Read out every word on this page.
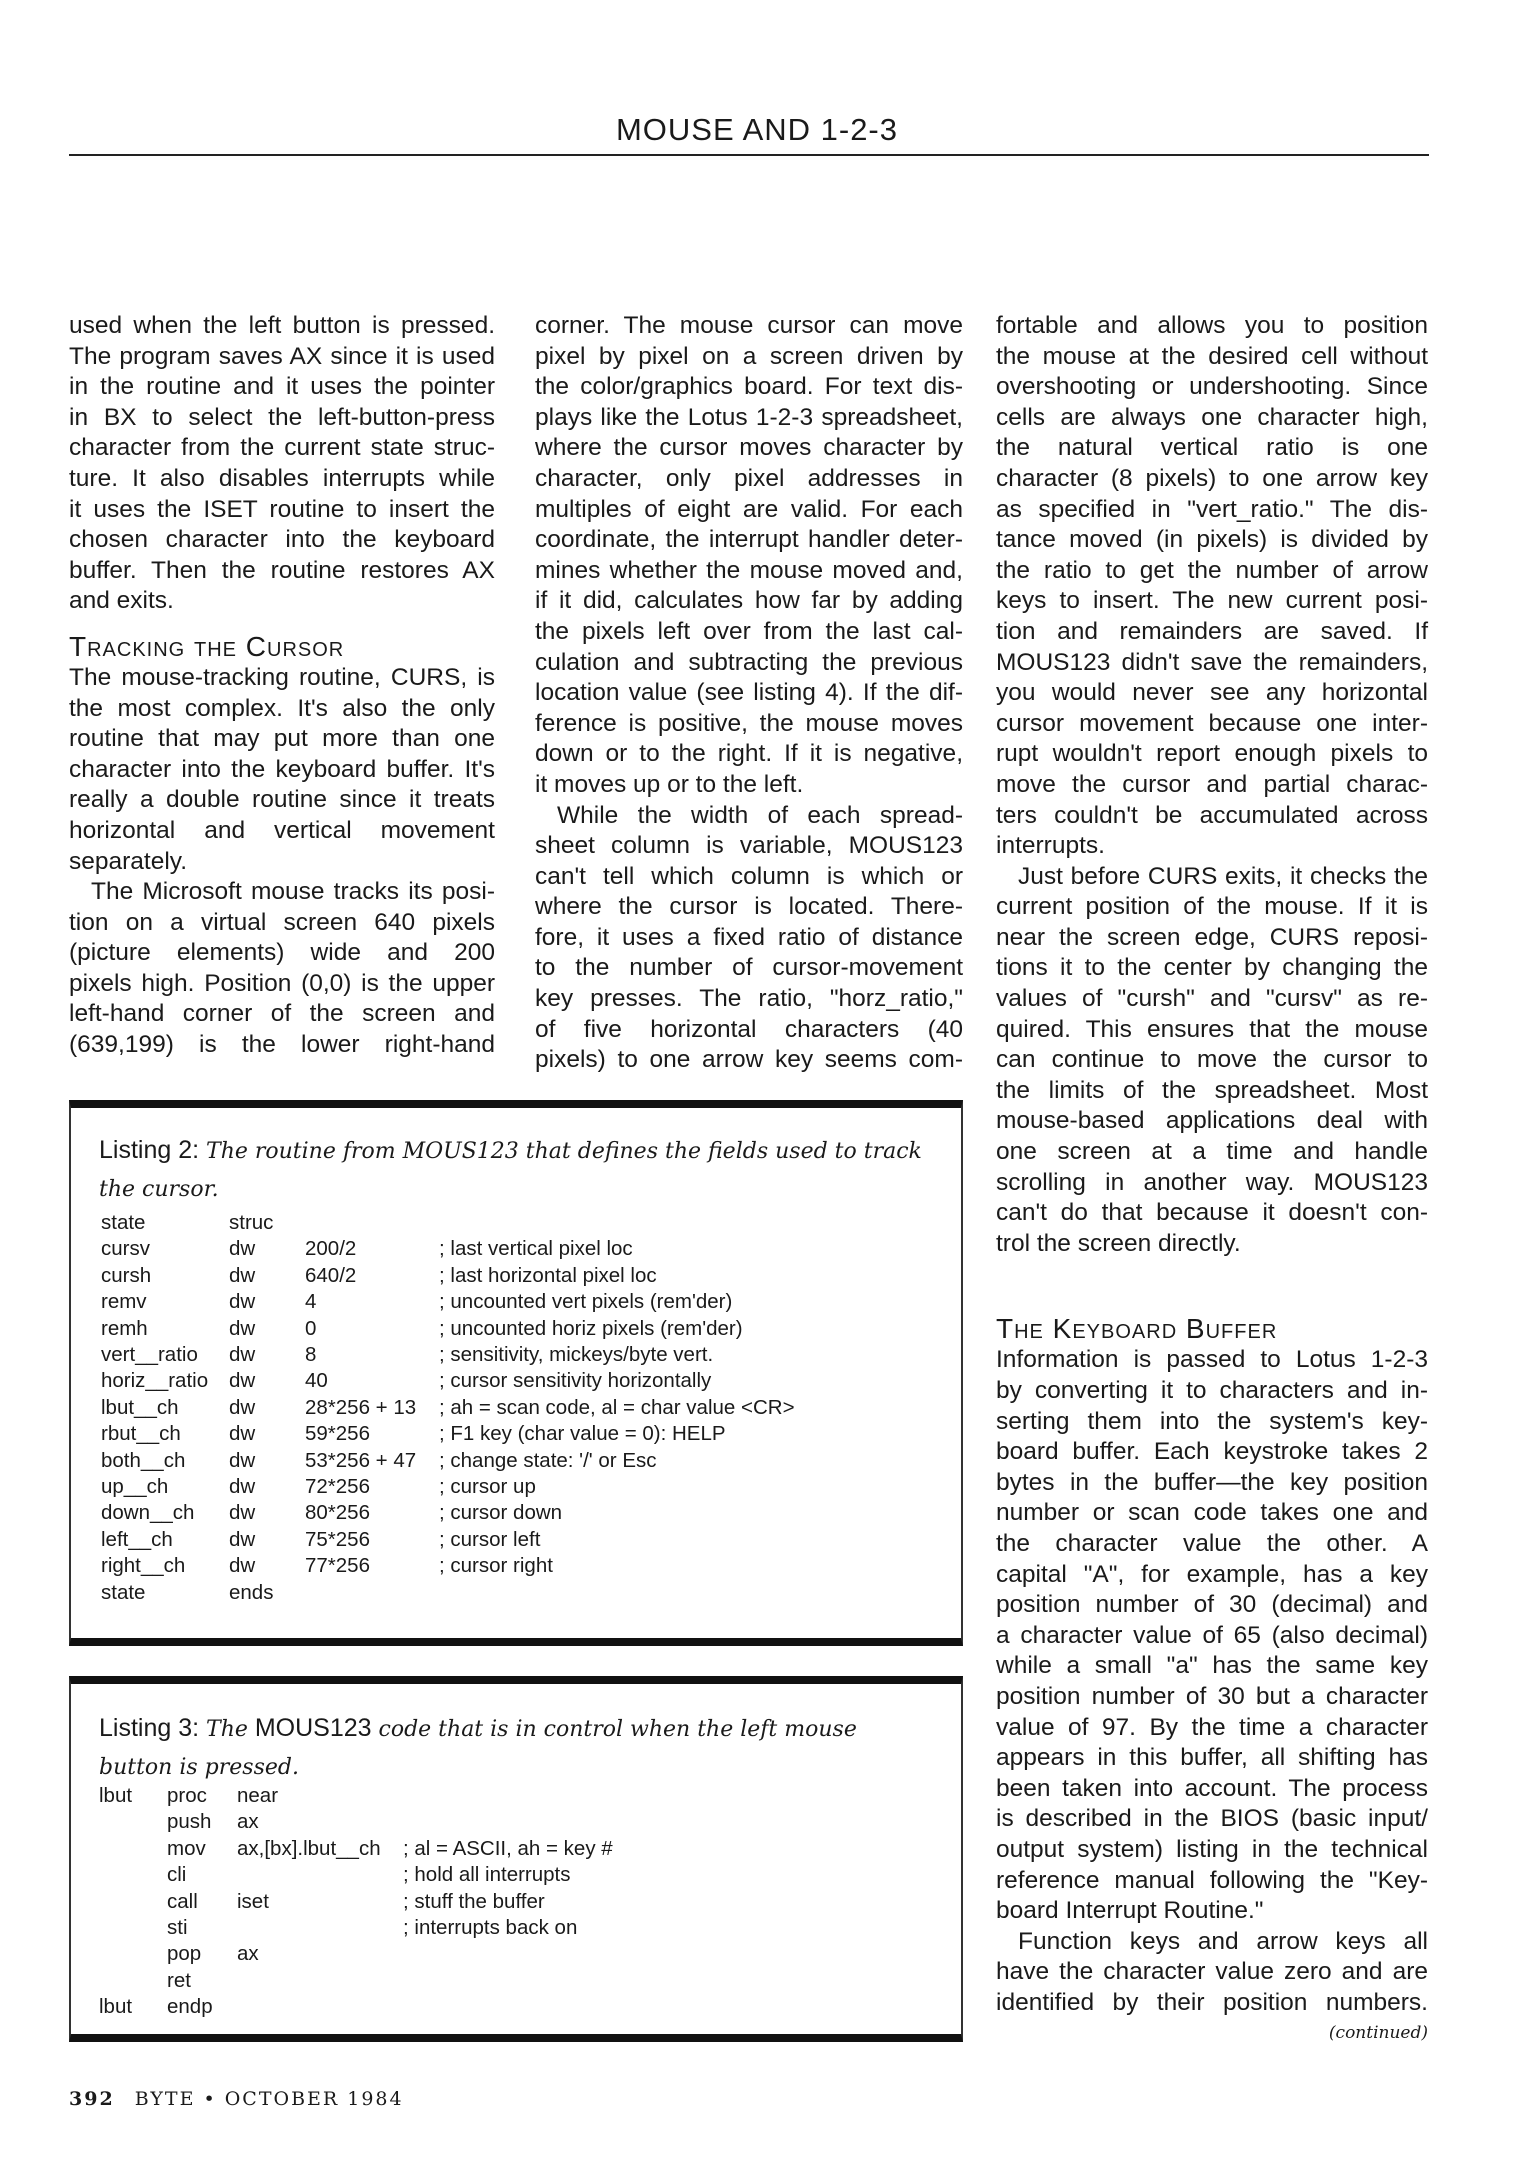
MOUSE AND 1-2-3
used when the left button is pressed.
The program saves AX since it is used
in the routine and it uses the pointer
in BX to select the left-button-press
character from the current state struc-
ture. It also disables interrupts while
it uses the ISET routine to insert the
chosen character into the keyboard
buffer. Then the routine restores AX
and exits.
Tracking the Cursor
The mouse-tracking routine, CURS, is
the most complex. It's also the only
routine that may put more than one
character into the keyboard buffer. It's
really a double routine since it treats
horizontal and vertical movement
separately.
The Microsoft mouse tracks its posi-
tion on a virtual screen 640 pixels
(picture elements) wide and 200
pixels high. Position (0,0) is the upper
left-hand corner of the screen and
(639,199) is the lower right-hand
corner. The mouse cursor can move
pixel by pixel on a screen driven by
the color/graphics board. For text dis-
plays like the Lotus 1-2-3 spreadsheet,
where the cursor moves character by
character, only pixel addresses in
multiples of eight are valid. For each
coordinate, the interrupt handler deter-
mines whether the mouse moved and,
if it did, calculates how far by adding
the pixels left over from the last cal-
culation and subtracting the previous
location value (see listing 4). If the dif-
ference is positive, the mouse moves
down or to the right. If it is negative,
it moves up or to the left.
While the width of each spread-
sheet column is variable, MOUS123
can't tell which column is which or
where the cursor is located. There-
fore, it uses a fixed ratio of distance
to the number of cursor-movement
key presses. The ratio, "horz_ratio,"
of five horizontal characters (40
pixels) to one arrow key seems com-
fortable and allows you to position
the mouse at the desired cell without
overshooting or undershooting. Since
cells are always one character high,
the natural vertical ratio is one
character (8 pixels) to one arrow key
as specified in "vert_ratio." The dis-
tance moved (in pixels) is divided by
the ratio to get the number of arrow
keys to insert. The new current posi-
tion and remainders are saved. If
MOUS123 didn't save the remainders,
you would never see any horizontal
cursor movement because one inter-
rupt wouldn't report enough pixels to
move the cursor and partial charac-
ters couldn't be accumulated across
interrupts.
Just before CURS exits, it checks the
current position of the mouse. If it is
near the screen edge, CURS reposi-
tions it to the center by changing the
values of "cursh" and "cursv" as re-
quired. This ensures that the mouse
can continue to move the cursor to
the limits of the spreadsheet. Most
mouse-based applications deal with
one screen at a time and handle
scrolling in another way. MOUS123
can't do that because it doesn't con-
trol the screen directly.
The Keyboard Buffer
Information is passed to Lotus 1-2-3
by converting it to characters and in-
serting them into the system's key-
board buffer. Each keystroke takes 2
bytes in the buffer—the key position
number or scan code takes one and
the character value the other. A
capital "A", for example, has a key
position number of 30 (decimal) and
a character value of 65 (also decimal)
while a small "a" has the same key
position number of 30 but a character
value of 97. By the time a character
appears in this buffer, all shifting has
been taken into account. The process
is described in the BIOS (basic input/
output system) listing in the technical
reference manual following the "Key-
board Interrupt Routine."
Function keys and arrow keys all
have the character value zero and are
identified by their position numbers.
(continued)
Listing 2: The routine from MOUS123 that defines the fields used to track the cursor.
state	struc
cursv	dw 200/2	; last vertical pixel loc
cursh	dw 640/2	; last horizontal pixel loc
remv	dw 4	; uncounted vert pixels (rem'der)
remh	dw 0	; uncounted horiz pixels (rem'der)
vert__ratio dw 8	; sensitivity, mickeys/byte vert.
horiz__ratio dw 40	; cursor sensitivity horizontally
lbut__ch dw 28*256 + 13 ; ah = scan code, al = char value <CR>
rbut__ch dw 59*256	; F1 key (char value = 0): HELP
both__ch dw 53*256 + 47 ; change state: '/' or Esc
up__ch	dw 72*256	; cursor up
down__ch dw 80*256	; cursor down
left__ch	dw 75*256	; cursor left
right__ch dw 77*256	; cursor right
state	ends
Listing 3: The MOUS123 code that is in control when the left mouse button is pressed.
lbut proc near
push ax
mov ax,[bx].lbut__ch ; al = ASCII, ah = key #
cli	; hold all interrupts
call iset	; stuff the buffer
sti	; interrupts back on
pop ax
ret
lbut endp
392 BYTE • OCTOBER 1984
